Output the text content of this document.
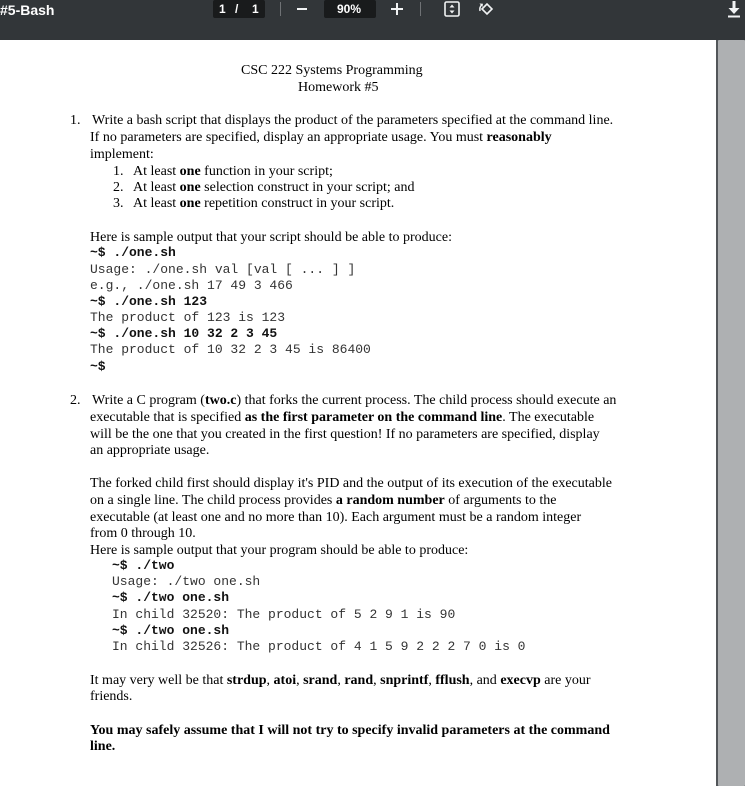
#5-Bash	1 / 1	90%
CSC 222 Systems Programming
Homework #5
1. Write a bash script that displays the product of the parameters specified at the command line.
If no parameters are specified, display an appropriate usage. You must reasonably
implement:
1. At least one function in your script;
2. At least one selection construct in your script; and
3. At least one repetition construct in your script.
Here is sample output that your script should be able to produce:
~$ ./one.sh
Usage: ./one.sh val [val [ ... ] ]
e.g., ./one.sh 17 49 3 466
~$ ./one.sh 123
The product of 123 is 123
~$ ./one.sh 10 32 2 3 45
The product of 10 32 2 3 45 is 86400
~$
2. Write a C program (two.c) that forks the current process. The child process should execute an
executable that is specified as the first parameter on the command line. The executable
will be the one that you created in the first question! If no parameters are specified, display
an appropriate usage.
The forked child first should display it's PID and the output of its execution of the executable
on a single line. The child process provides a random number of arguments to the
executable (at least one and no more than 10). Each argument must be a random integer
from 0 through 10.
Here is sample output that your program should be able to produce:
~$ ./two
Usage: ./two one.sh
~$ ./two one.sh
In child 32520: The product of 5 2 9 1 is 90
~$ ./two one.sh
In child 32526: The product of 4 1 5 9 2 2 2 7 0 is 0
It may very well be that strdup, atoi, srand, rand, snprintf, fflush, and execvp are your
friends.
You may safely assume that I will not try to specify invalid parameters at the command
line.
